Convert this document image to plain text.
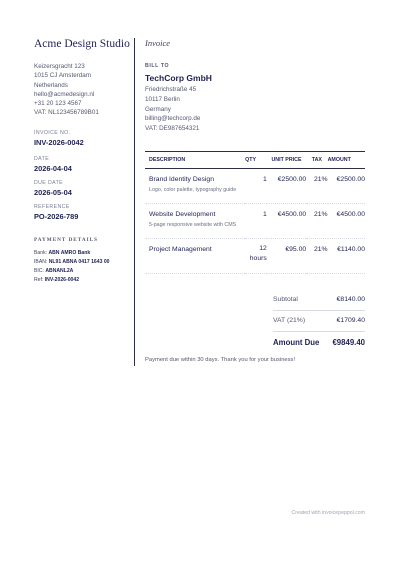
Acme Design Studio
Keizersgracht 123
1015 CJ Amsterdam
Netherlands
hello@acmedesign.nl
+31 20 123 4567
VAT: NL123456789B01
INVOICE NO.
INV-2026-0042
DATE
2026-04-04
DUE DATE
2026-05-04
REFERENCE
PO-2026-789
PAYMENT DETAILS
Bank: ABN AMRO Bank
IBAN: NL91 ABNA 0417 1643 00
BIC: ABNANL2A
Ref: INV-2026-0042
Invoice
BILL TO
TechCorp GmbH
Friedrichstraße 45
10117 Berlin
Germany
billing@techcorp.de
VAT: DE987654321
DESCRIPTION	QTY	UNIT PRICE	TAX	AMOUNT

Brand Identity Design
Logo, color palette, typography guide	1	€2500.00	21%	€2500.00

Website Development
5-page responsive website with CMS	1	€4500.00	21%	€4500.00

Project Management	12 hours	€95.00	21%	€1140.00
Subtotal	€8140.00
VAT (21%)	€1709.40
Amount Due €9849.40
Payment due within 30 days. Thank you for your business!
Created with invoicepeppol.com
